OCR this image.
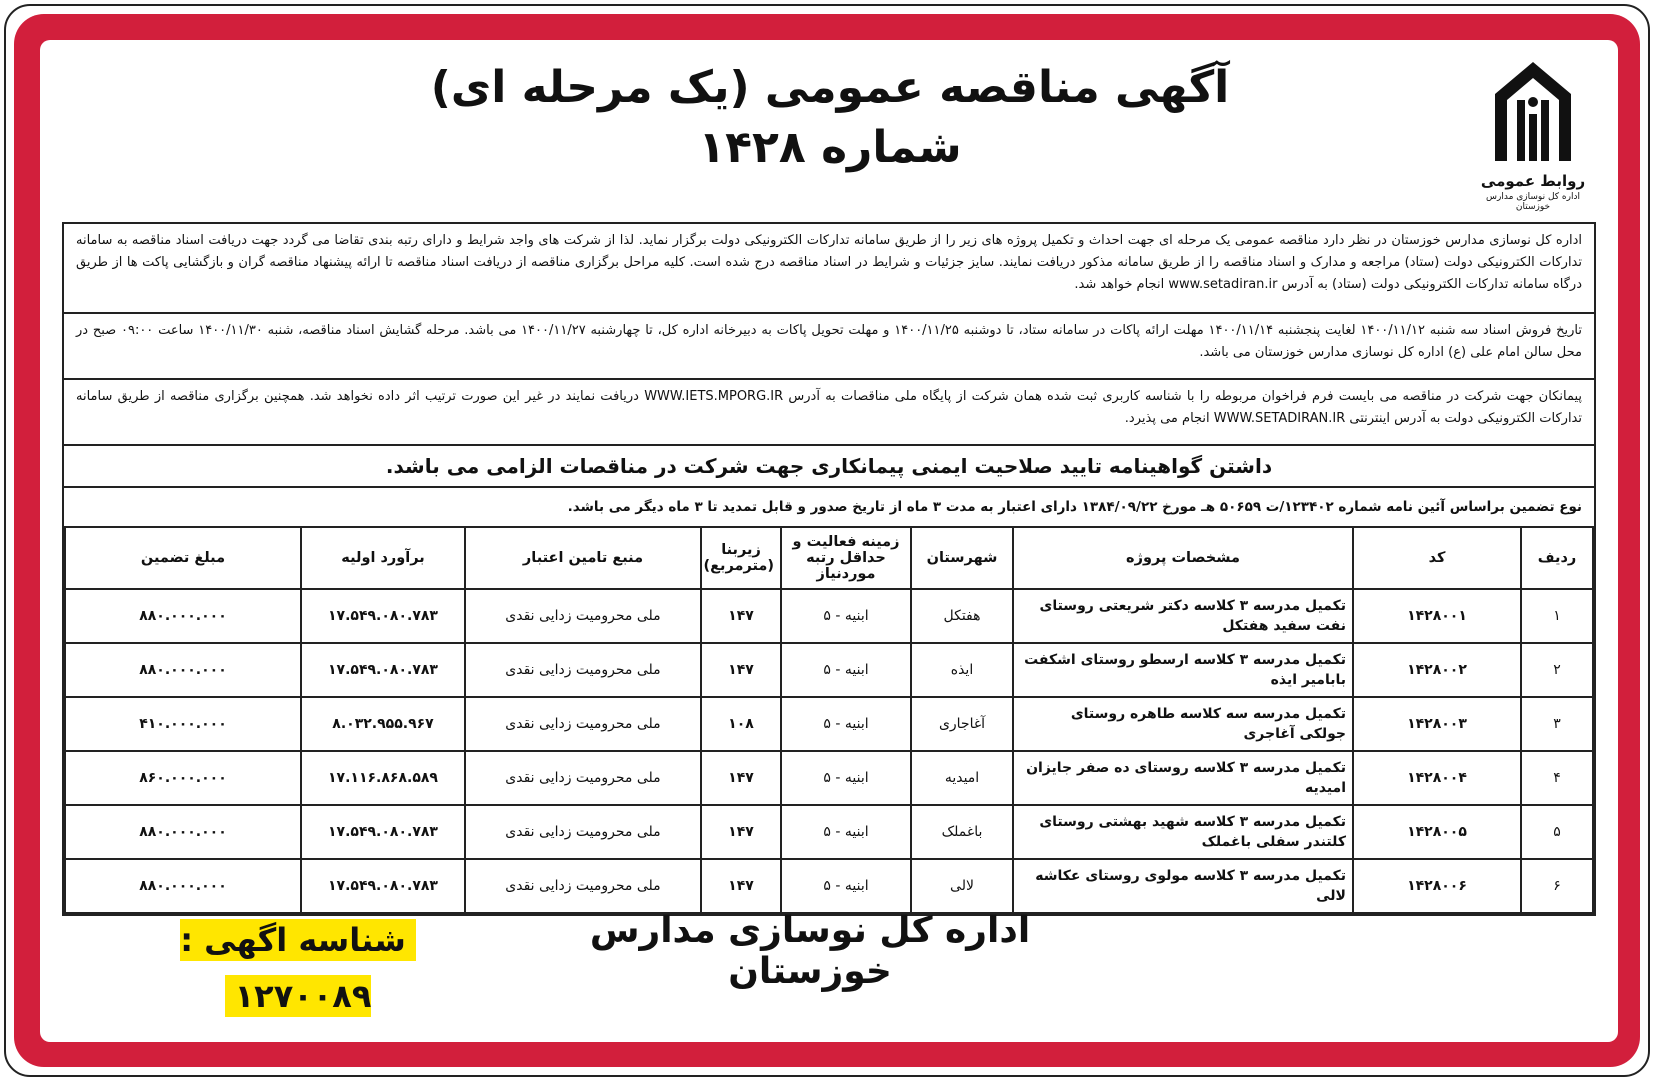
روابط عمومی
اداره کل نوسازی مدارس خوزستان
آگهی مناقصه عمومی (یک مرحله ای)
شماره ۱۴۲۸
اداره کل نوسازی مدارس خوزستان در نظر دارد مناقصه عمومی یک مرحله ای جهت احداث و تکمیل پروژه های زیر را از طریق سامانه تدارکات الکترونیکی دولت برگزار نماید. لذا از شرکت های واجد شرایط و دارای رتبه بندی تقاضا می گردد جهت دریافت اسناد مناقصه به سامانه تدارکات الکترونیکی دولت (ستاد) مراجعه و مدارک و اسناد مناقصه را از طریق سامانه مذکور دریافت نمایند. سایز جزئیات و شرایط در اسناد مناقصه درج شده است. کلیه مراحل برگزاری مناقصه از دریافت اسناد مناقصه تا ارائه پیشنهاد مناقصه گران و بازگشایی پاکت ها از طریق درگاه سامانه تدارکات الکترونیکی دولت (ستاد) به آدرس www.setadiran.ir انجام خواهد شد.
تاریخ فروش اسناد سه شنبه ۱۴۰۰/۱۱/۱۲ لغایت پنجشنبه ۱۴۰۰/۱۱/۱۴ مهلت ارائه پاکات در سامانه ستاد، تا دوشنبه ۱۴۰۰/۱۱/۲۵ و مهلت تحویل پاکات به دبیرخانه اداره کل، تا چهارشنبه ۱۴۰۰/۱۱/۲۷ می باشد. مرحله گشایش اسناد مناقصه، شنبه ۱۴۰۰/۱۱/۳۰ ساعت ۰۹:۰۰ صبح در محل سالن امام علی (ع) اداره کل نوسازی مدارس خوزستان می باشد.
پیمانکان جهت شرکت در مناقصه می بایست فرم فراخوان مربوطه را با شناسه کاربری ثبت شده همان شرکت از پایگاه ملی مناقصات به آدرس WWW.IETS.MPORG.IR دریافت نمایند در غیر این صورت ترتیب اثر داده نخواهد شد. همچنین برگزاری مناقصه از طریق سامانه تدارکات الکترونیکی دولت به آدرس اینترنتی WWW.SETADIRAN.IR انجام می پذیرد.
داشتن گواهینامه تایید صلاحیت ایمنی پیمانکاری جهت شرکت در مناقصات الزامی می باشد.
نوع تضمین براساس آئین نامه شماره ۱۲۳۴۰۲/ت ۵۰۶۵۹ هـ مورخ ۱۳۸۴/۰۹/۲۲ دارای اعتبار به مدت ۳ ماه از تاریخ صدور و قابل تمدید تا ۳ ماه دیگر می باشد.
ردیف	کد	مشخصات پروژه	شهرستان	زمینه فعالیت و حداقل رتبه موردنیاز	زیربنا (مترمربع)	منبع تامین اعتبار	برآورد اولیه	مبلغ تضمین
۱	۱۴۲۸۰۰۱	تکمیل مدرسه ۳ کلاسه دکتر شریعتی روستای نفت سفید هفتکل	هفتکل	ابنیه - ۵	۱۴۷	ملی محرومیت زدایی نقدی	۱۷.۵۴۹.۰۸۰.۷۸۳	۸۸۰.۰۰۰.۰۰۰
۲	۱۴۲۸۰۰۲	تکمیل مدرسه ۳ کلاسه ارسطو روستای اشکفت بابامیر ایذه	ایذه	ابنیه - ۵	۱۴۷	ملی محرومیت زدایی نقدی	۱۷.۵۴۹.۰۸۰.۷۸۳	۸۸۰.۰۰۰.۰۰۰
۳	۱۴۲۸۰۰۳	تکمیل مدرسه سه کلاسه طاهره روستای جولکی آغاجری	آغاجاری	ابنیه - ۵	۱۰۸	ملی محرومیت زدایی نقدی	۸.۰۳۲.۹۵۵.۹۶۷	۴۱۰.۰۰۰.۰۰۰
۴	۱۴۲۸۰۰۴	تکمیل مدرسه ۳ کلاسه روستای ده صفر جایزان امیدیه	امیدیه	ابنیه - ۵	۱۴۷	ملی محرومیت زدایی نقدی	۱۷.۱۱۶.۸۶۸.۵۸۹	۸۶۰.۰۰۰.۰۰۰
۵	۱۴۲۸۰۰۵	تکمیل مدرسه ۳ کلاسه شهید بهشتی روستای کلتندر سفلی باغملک	باغملک	ابنیه - ۵	۱۴۷	ملی محرومیت زدایی نقدی	۱۷.۵۴۹.۰۸۰.۷۸۳	۸۸۰.۰۰۰.۰۰۰
۶	۱۴۲۸۰۰۶	تکمیل مدرسه ۳ کلاسه مولوی روستای عکاشه لالی	لالی	ابنیه - ۵	۱۴۷	ملی محرومیت زدایی نقدی	۱۷.۵۴۹.۰۸۰.۷۸۳	۸۸۰.۰۰۰.۰۰۰
اداره کل نوسازی مدارس خوزستان
شناسه اگهی : ۱۲۷۰۰۸۹
